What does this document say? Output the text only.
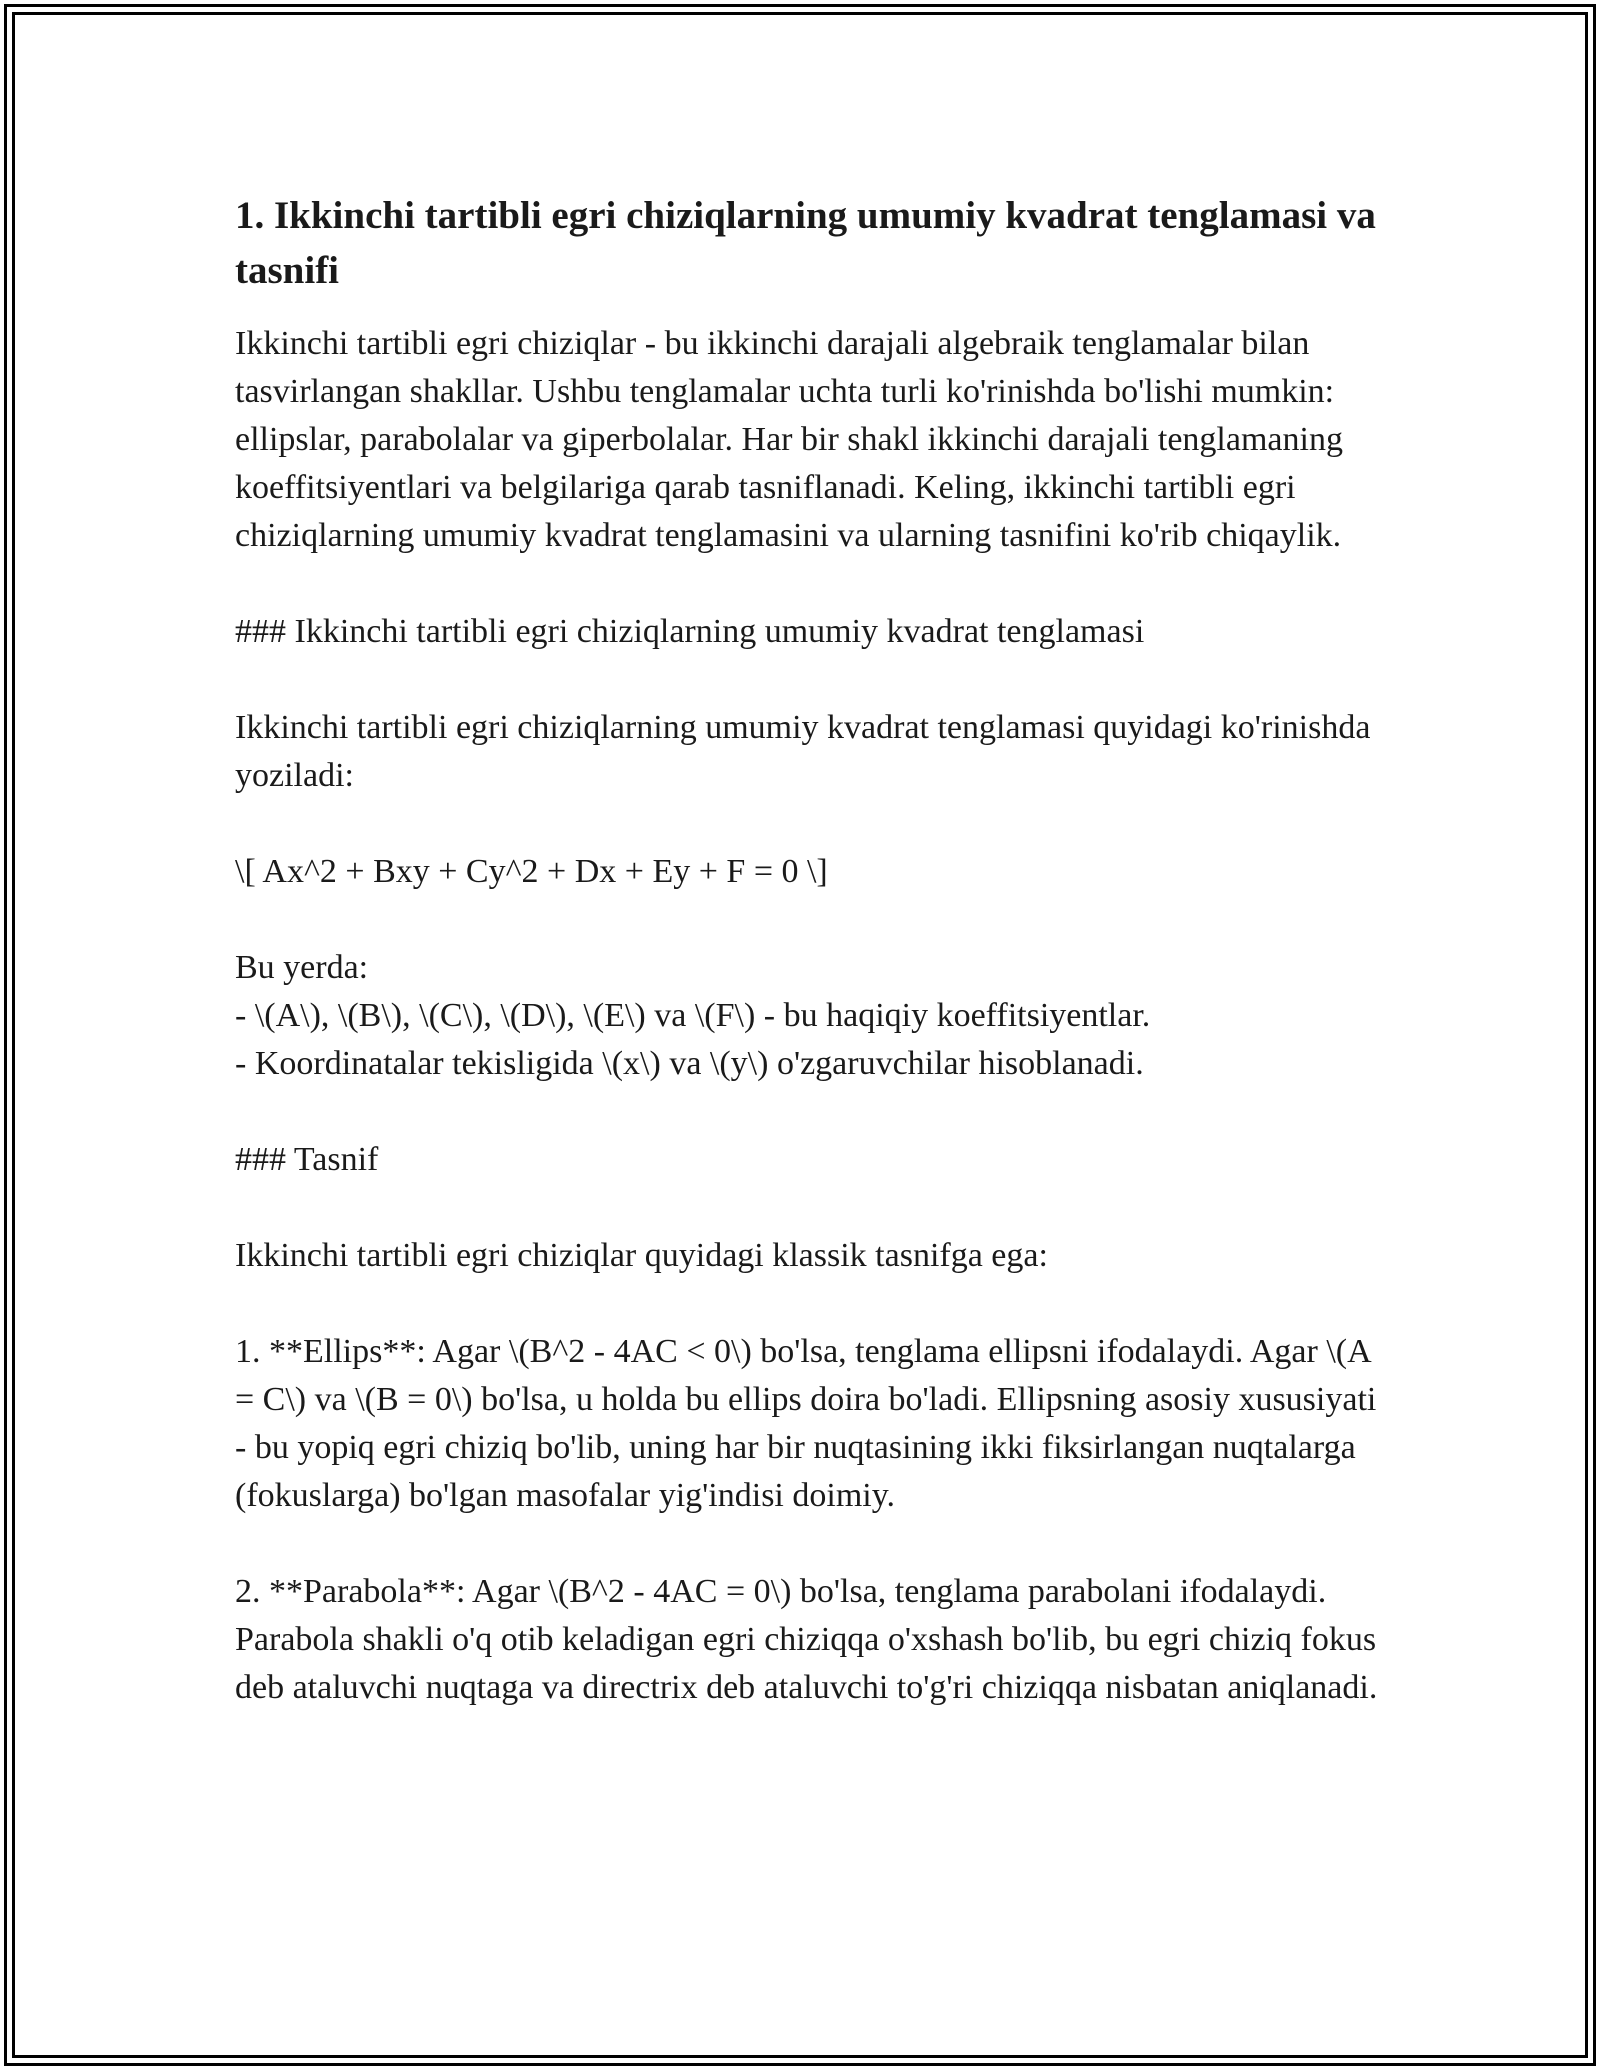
1. Ikkinchi tartibli egri chiziqlarning umumiy kvadrat tenglamasi va tasnifi
Ikkinchi tartibli egri chiziqlar - bu ikkinchi darajali algebraik tenglamalar bilan tasvirlangan shakllar. Ushbu tenglamalar uchta turli ko'rinishda bo'lishi mumkin: ellipslar, parabolalar va giperbolalar. Har bir shakl ikkinchi darajali tenglamaning koeffitsiyentlari va belgilariga qarab tasniflanadi. Keling, ikkinchi tartibli egri chiziqlarning umumiy kvadrat tenglamasini va ularning tasnifini ko'rib chiqaylik.
### Ikkinchi tartibli egri chiziqlarning umumiy kvadrat tenglamasi
Ikkinchi tartibli egri chiziqlarning umumiy kvadrat tenglamasi quyidagi ko'rinishda yoziladi:
\[ Ax^2 + Bxy + Cy^2 + Dx + Ey + F = 0 \]
Bu yerda:
- \(A\), \(B\), \(C\), \(D\), \(E\) va \(F\) - bu haqiqiy koeffitsiyentlar.
- Koordinatalar tekisligida \(x\) va \(y\) o'zgaruvchilar hisoblanadi.
### Tasnif
Ikkinchi tartibli egri chiziqlar quyidagi klassik tasnifga ega:
1. **Ellips**: Agar \(B^2 - 4AC < 0\) bo'lsa, tenglama ellipsni ifodalaydi. Agar \(A = C\) va \(B = 0\) bo'lsa, u holda bu ellips doira bo'ladi. Ellipsning asosiy xususiyati - bu yopiq egri chiziq bo'lib, uning har bir nuqtasining ikki fiksirlangan nuqtalarga (fokuslarga) bo'lgan masofalar yig'indisi doimiy.
2. **Parabola**: Agar \(B^2 - 4AC = 0\) bo'lsa, tenglama parabolani ifodalaydi. Parabola shakli o'q otib keladigan egri chiziqqa o'xshash bo'lib, bu egri chiziq fokus deb ataluvchi nuqtaga va directrix deb ataluvchi to'g'ri chiziqqa nisbatan aniqlanadi.
